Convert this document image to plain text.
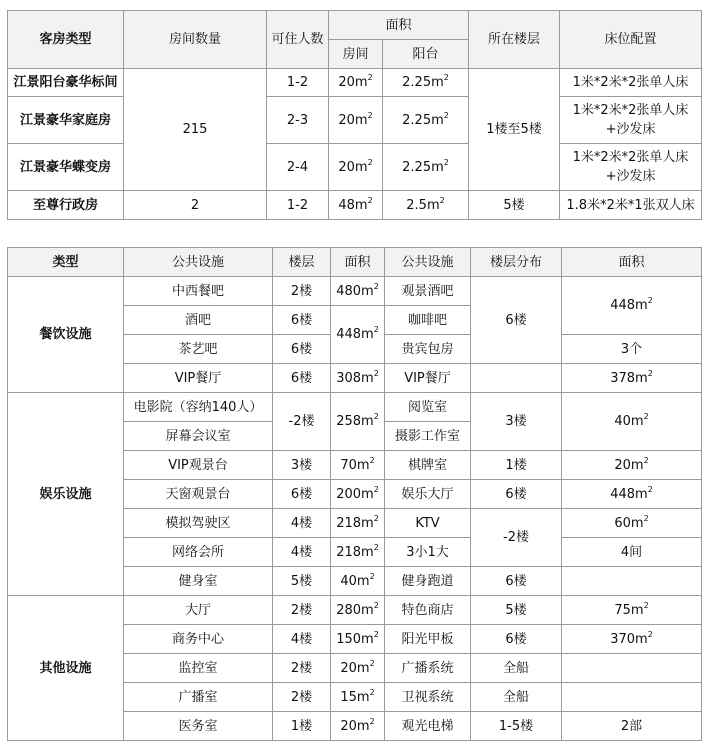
客房类型	房间数量	可住人数	面积		所在楼层	床位配置
			房间	阳台		
江景阳台豪华标间	215	1-2	$20m^2$	$2.25m^2$	1楼至5楼	1米*2米*2张单人床
江景豪华家庭房		2-3	$20m^2$	$2.25m^2$		1米*2米*2张单人床+沙发床
江景豪华蝶变房		2-4	$20m^2$	$2.25m^2$		1米*2米*2张单人床+沙发床
至尊行政房	2	1-2	$48m^2$	$2.5m^2$	5楼	1.8米*2米*1张双人床
类型	公共设施	楼层	面积	公共设施	楼层分布	面积
餐饮设施	中西餐吧	2楼	$480m^2$	观景酒吧	6楼	$448m^2$
	酒吧	6楼	$448m^2$	咖啡吧		
	茶艺吧	6楼		贵宾包房		3个
	VIP餐厅	6楼	$308m^2$	VIP餐厅		$378m^2$
娱乐设施	电影院（容纳140人）	-2楼	$258m^2$	阅览室	3楼	$40m^2$
	屏幕会议室			摄影工作室		
	VIP观景台	3楼	$70m^2$	棋牌室	1楼	$20m^2$
	天窗观景台	6楼	$200m^2$	娱乐大厅	6楼	$448m^2$
	模拟驾驶区	4楼	$218m^2$	KTV	-2楼	$60m^2$
	网络会所	4楼	$218m^2$	3小1大		4间
	健身室	5楼	$40m^2$	健身跑道	6楼	
其他设施	大厅	2楼	$280m^2$	特色商店	5楼	$75m^2$
	商务中心	4楼	$150m^2$	阳光甲板	6楼	$370m^2$
	监控室	2楼	$20m^2$	广播系统	全船	
	广播室	2楼	$15m^2$	卫视系统	全船	
	医务室	1楼	$20m^2$	观光电梯	1-5楼	2部
